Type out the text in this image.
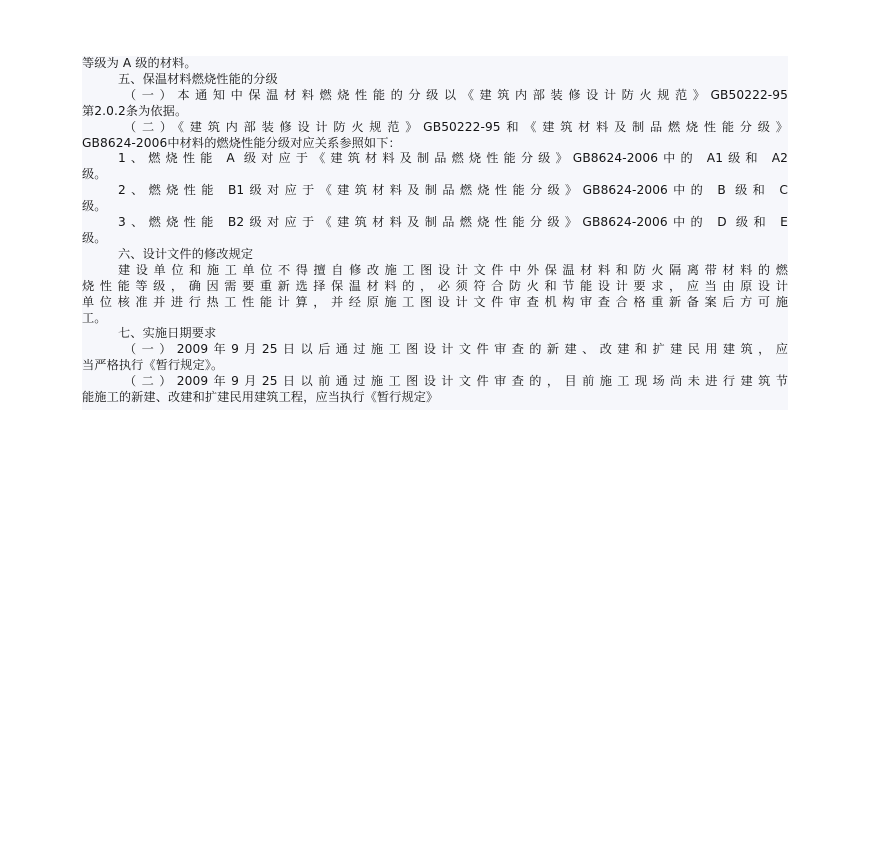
等级为 A 级的材料。
五、保温材料燃烧性能的分级
（一）本通知中保温材料燃烧性能的分级以《建筑内部装修设计防火规范》GB50222-95
第2.0.2条为依据。
（二）《建筑内部装修设计防火规范》GB50222-95和《建筑材料及制品燃烧性能分级》
GB8624-2006中材料的燃烧性能分级对应关系参照如下：
1、燃烧性能 A 级对应于《建筑材料及制品燃烧性能分级》GB8624-2006中的 A1级和 A2
级。
2、燃烧性能 B1级对应于《建筑材料及制品燃烧性能分级》GB8624-2006中的 B 级和 C
级。
3、燃烧性能 B2级对应于《建筑材料及制品燃烧性能分级》GB8624-2006中的 D 级和 E
级。
六、设计文件的修改规定
建设单位和施工单位不得擅自修改施工图设计文件中外保温材料和防火隔离带材料的燃
烧性能等级，确因需要重新选择保温材料的，必须符合防火和节能设计要求，应当由原设计
单位核准并进行热工性能计算，并经原施工图设计文件审查机构审查合格重新备案后方可施
工。
七、实施日期要求
（一）2009年9月25日以后通过施工图设计文件审查的新建、改建和扩建民用建筑，应
当严格执行《暂行规定》。
（二）2009年9月25日以前通过施工图设计文件审查的，目前施工现场尚未进行建筑节
能施工的新建、改建和扩建民用建筑工程，应当执行《暂行规定》
